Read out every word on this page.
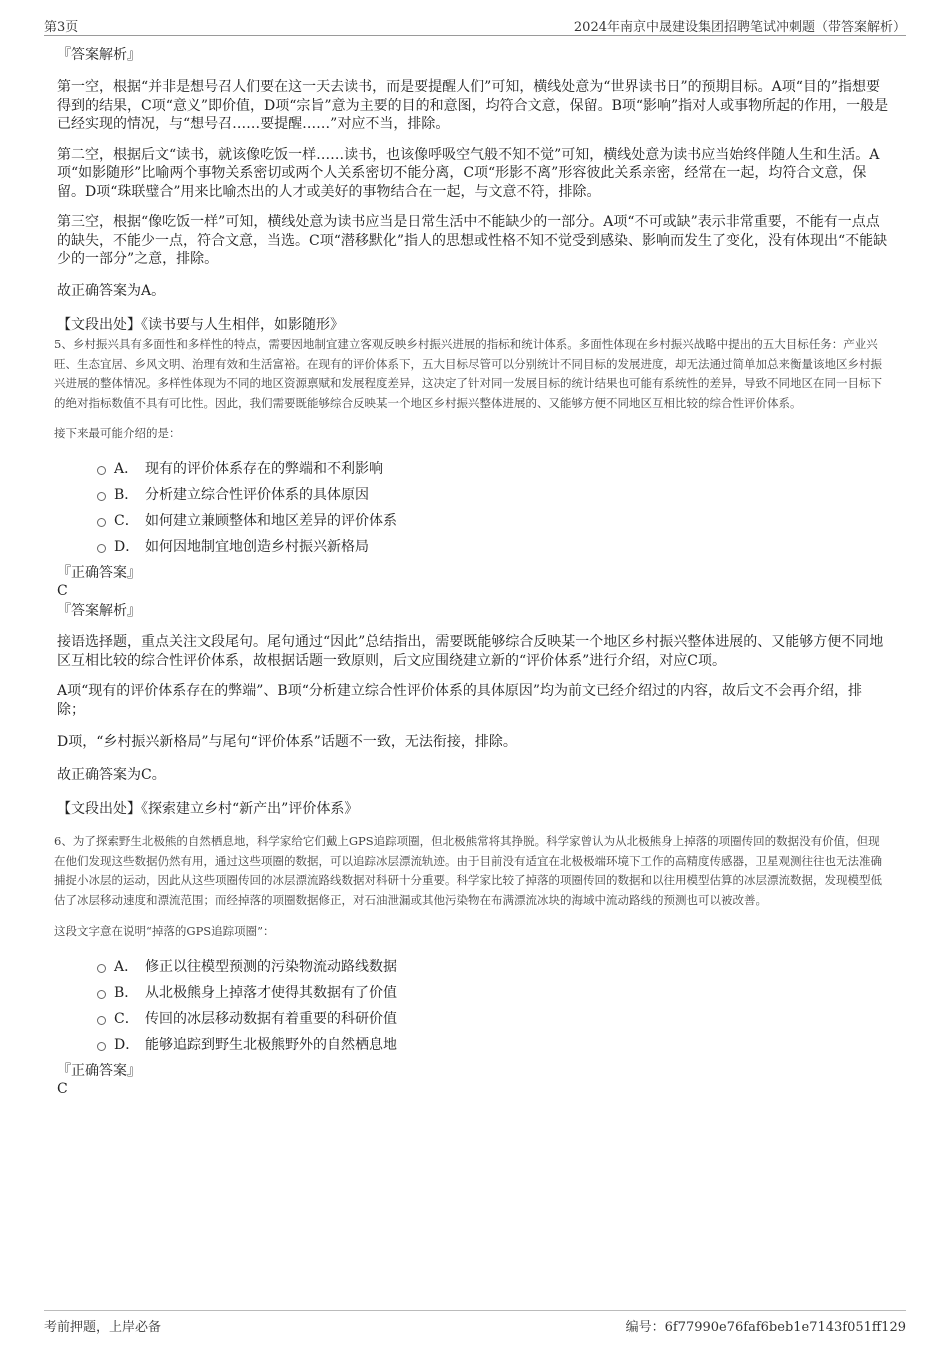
第3页	2024年南京中晟建设集团招聘笔试冲刺题（带答案解析）
『答案解析』
第一空，根据“并非是想号召人们要在这一天去读书，而是要提醒人们”可知，横线处意为“世界读书日”的预期目标。A项“目的”指想要得到的结果，C项“意义”即价值，D项“宗旨”意为主要的目的和意图，均符合文意，保留。B项“影响”指对人或事物所起的作用，一般是已经实现的情况，与“想号召……要提醒……”对应不当，排除。
第二空，根据后文“读书，就该像吃饭一样……读书，也该像呼吸空气般不知不觉”可知，横线处意为读书应当始终伴随人生和生活。A项“如影随形”比喻两个事物关系密切或两个人关系密切不能分离，C项“形影不离”形容彼此关系亲密，经常在一起，均符合文意，保留。D项“珠联璧合”用来比喻杰出的人才或美好的事物结合在一起，与文意不符，排除。
第三空，根据“像吃饭一样”可知，横线处意为读书应当是日常生活中不能缺少的一部分。A项“不可或缺”表示非常重要，不能有一点点的缺失，不能少一点，符合文意，当选。C项“潜移默化”指人的思想或性格不知不觉受到感染、影响而发生了变化，没有体现出“不能缺少的一部分”之意，排除。
故正确答案为A。
【文段出处】《读书要与人生相伴，如影随形》
5、乡村振兴具有多面性和多样性的特点，需要因地制宜建立客观反映乡村振兴进展的指标和统计体系。多面性体现在乡村振兴战略中提出的五大目标任务：产业兴旺、生态宜居、乡风文明、治理有效和生活富裕。在现有的评价体系下，五大目标尽管可以分别统计不同目标的发展进度，却无法通过简单加总来衡量该地区乡村振兴进展的整体情况。多样性体现为不同的地区资源禀赋和发展程度差异，这决定了针对同一发展目标的统计结果也可能有系统性的差异，导致不同地区在同一目标下的绝对指标数值不具有可比性。因此，我们需要既能够综合反映某一个地区乡村振兴整体进展的、又能够方便不同地区互相比较的综合性评价体系。
接下来最可能介绍的是：
A． 现有的评价体系存在的弊端和不利影响
B． 分析建立综合性评价体系的具体原因
C． 如何建立兼顾整体和地区差异的评价体系
D． 如何因地制宜地创造乡村振兴新格局
『正确答案』
C
『答案解析』
接语选择题，重点关注文段尾句。尾句通过“因此”总结指出，需要既能够综合反映某一个地区乡村振兴整体进展的、又能够方便不同地区互相比较的综合性评价体系，故根据话题一致原则，后文应围绕建立新的“评价体系”进行介绍，对应C项。
A项“现有的评价体系存在的弊端”、B项“分析建立综合性评价体系的具体原因”均为前文已经介绍过的内容，故后文不会再介绍，排除；
D项，“乡村振兴新格局”与尾句“评价体系”话题不一致，无法衔接，排除。
故正确答案为C。
【文段出处】《探索建立乡村“新产出”评价体系》
6、为了探索野生北极熊的自然栖息地，科学家给它们戴上GPS追踪项圈，但北极熊常将其挣脱。科学家曾认为从北极熊身上掉落的项圈传回的数据没有价值，但现在他们发现这些数据仍然有用，通过这些项圈的数据，可以追踪冰层漂流轨迹。由于目前没有适宜在北极极端环境下工作的高精度传感器，卫星观测往往也无法准确捕捉小冰层的运动，因此从这些项圈传回的冰层漂流路线数据对科研十分重要。科学家比较了掉落的项圈传回的数据和以往用模型估算的冰层漂流数据，发现模型低估了冰层移动速度和漂流范围；而经掉落的项圈数据修正，对石油泄漏或其他污染物在布满漂流冰块的海域中流动路线的预测也可以被改善。
这段文字意在说明“掉落的GPS追踪项圈”：
A． 修正以往模型预测的污染物流动路线数据
B． 从北极熊身上掉落才使得其数据有了价值
C． 传回的冰层移动数据有着重要的科研价值
D． 能够追踪到野生北极熊野外的自然栖息地
『正确答案』
C
考前押题，上岸必备	编号：6f77990e76faf6beb1e7143f051ff129
